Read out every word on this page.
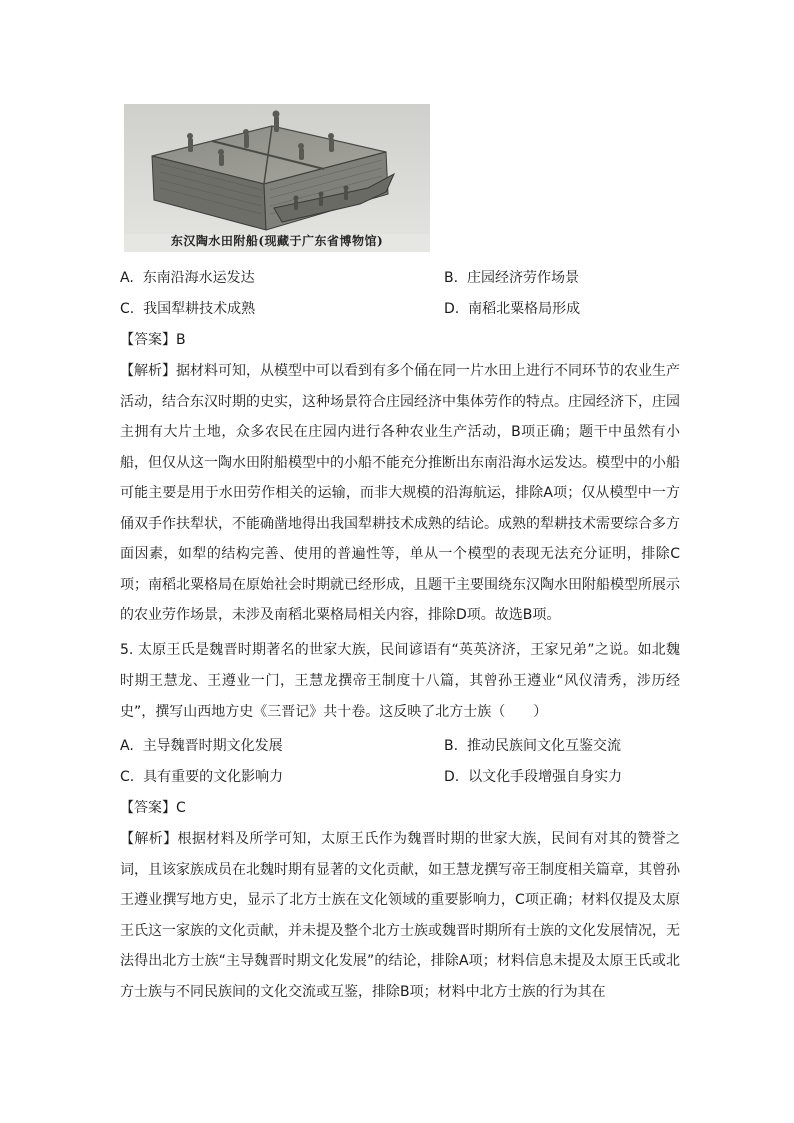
东汉陶水田附船(现藏于广东省博物馆)
A. 东南沿海水运发达	B. 庄园经济劳作场景
C. 我国犁耕技术成熟	D. 南稻北粟格局形成
【答案】B

【解析】据材料可知，从模型中可以看到有多个俑在同一片水田上进行不同环节的农业生产活动，结合东汉时期的史实，这种场景符合庄园经济中集体劳作的特点。庄园经济下，庄园主拥有大片土地，众多农民在庄园内进行各种农业生产活动，B项正确；题干中虽然有小船，但仅从这一陶水田附船模型中的小船不能充分推断出东南沿海水运发达。模型中的小船可能主要是用于水田劳作相关的运输，而非大规模的沿海航运，排除A项；仅从模型中一方俑双手作扶犁状，不能确凿地得出我国犁耕技术成熟的结论。成熟的犁耕技术需要综合多方面因素，如犁的结构完善、使用的普遍性等，单从一个模型的表现无法充分证明，排除C项；南稻北粟格局在原始社会时期就已经形成，且题干主要围绕东汉陶水田附船模型所展示的农业劳作场景，未涉及南稻北粟格局相关内容，排除D项。故选B项。

5. 太原王氏是魏晋时期著名的世家大族，民间谚语有“英英济济，王家兄弟”之说。如北魏时期王慧龙、王遵业一门，王慧龙撰帝王制度十八篇，其曾孙王遵业“风仪清秀，涉历经史”，撰写山西地方史《三晋记》共十卷。这反映了北方士族（　　）

A. 主导魏晋时期文化发展	B. 推动民族间文化互鉴交流
C. 具有重要的文化影响力	D. 以文化手段增强自身实力
【答案】C

【解析】根据材料及所学可知，太原王氏作为魏晋时期的世家大族，民间有对其的赞誉之词，且该家族成员在北魏时期有显著的文化贡献，如王慧龙撰写帝王制度相关篇章，其曾孙王遵业撰写地方史，显示了北方士族在文化领域的重要影响力，C项正确；材料仅提及太原王氏这一家族的文化贡献，并未提及整个北方士族或魏晋时期所有士族的文化发展情况，无法得出北方士族“主导魏晋时期文化发展”的结论，排除A项；材料信息未提及太原王氏或北方士族与不同民族间的文化交流或互鉴，排除B项；材料中北方士族的行为其在
